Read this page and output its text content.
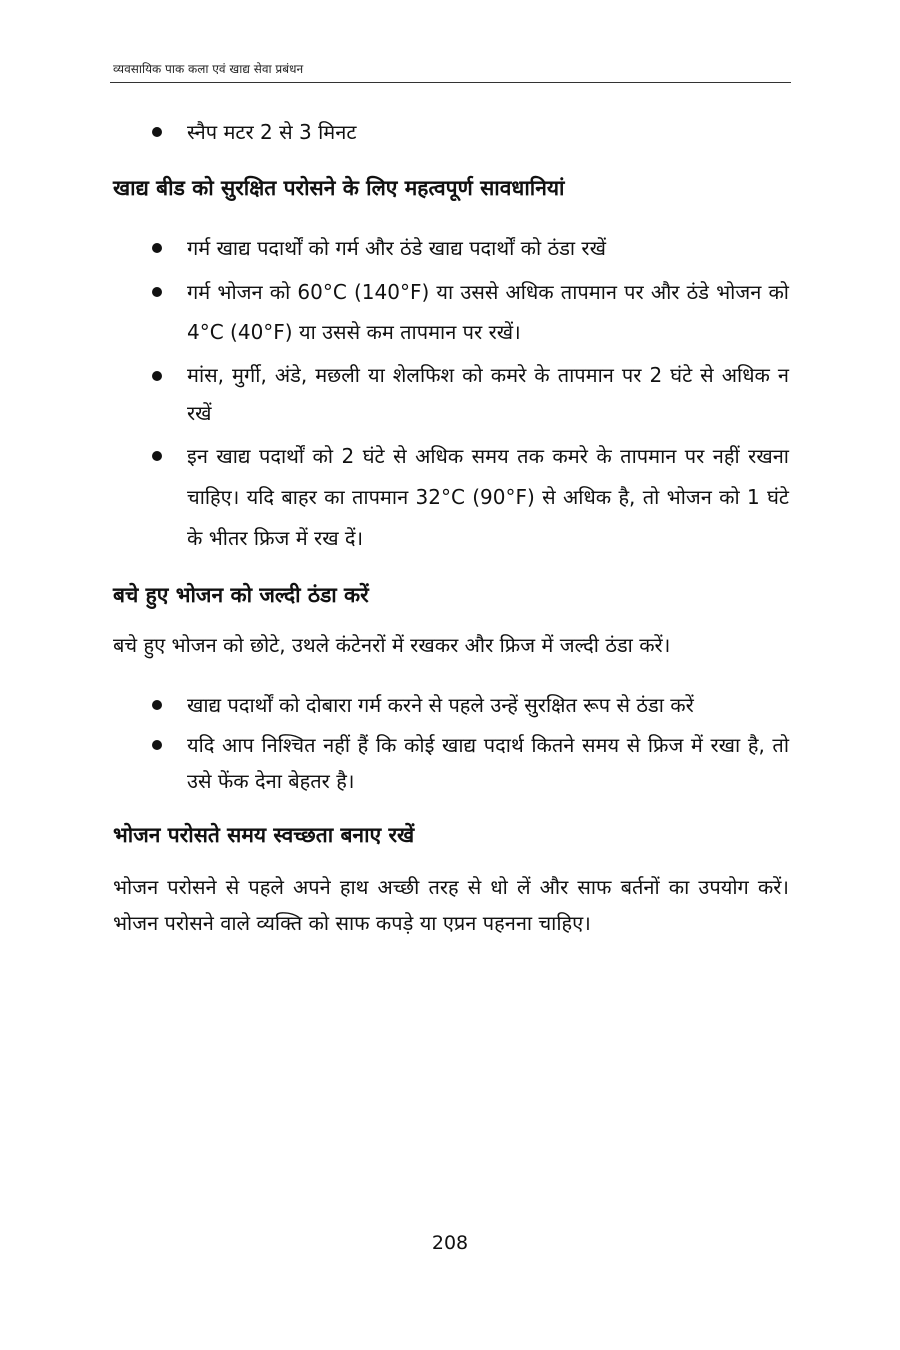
व्यवसायिक पाक कला एवं खाद्य सेवा प्रबंधन
स्नैप मटर 2 से 3 मिनट
खाद्य बीड को सुरक्षित परोसने के लिए महत्वपूर्ण सावधानियां
गर्म खाद्य पदार्थों को गर्म और ठंडे खाद्य पदार्थों को ठंडा रखें
गर्म भोजन को 60°C (140°F) या उससे अधिक तापमान पर और ठंडे भोजन को 4°C (40°F) या उससे कम तापमान पर रखें।
मांस, मुर्गी, अंडे, मछली या शेलफिश को कमरे के तापमान पर 2 घंटे से अधिक न रखें
इन खाद्य पदार्थों को 2 घंटे से अधिक समय तक कमरे के तापमान पर नहीं रखना चाहिए। यदि बाहर का तापमान 32°C (90°F) से अधिक है, तो भोजन को 1 घंटे के भीतर फ्रिज में रख दें।
बचे हुए भोजन को जल्दी ठंडा करें

बचे हुए भोजन को छोटे, उथले कंटेनरों में रखकर और फ्रिज में जल्दी ठंडा करें।

खाद्य पदार्थों को दोबारा गर्म करने से पहले उन्हें सुरक्षित रूप से ठंडा करें
यदि आप निश्चित नहीं हैं कि कोई खाद्य पदार्थ कितने समय से फ्रिज में रखा है, तो उसे फेंक देना बेहतर है।
भोजन परोसते समय स्वच्छता बनाए रखें

भोजन परोसने से पहले अपने हाथ अच्छी तरह से धो लें और साफ बर्तनों का उपयोग करें। भोजन परोसने वाले व्यक्ति को साफ कपड़े या एप्रन पहनना चाहिए।

208
